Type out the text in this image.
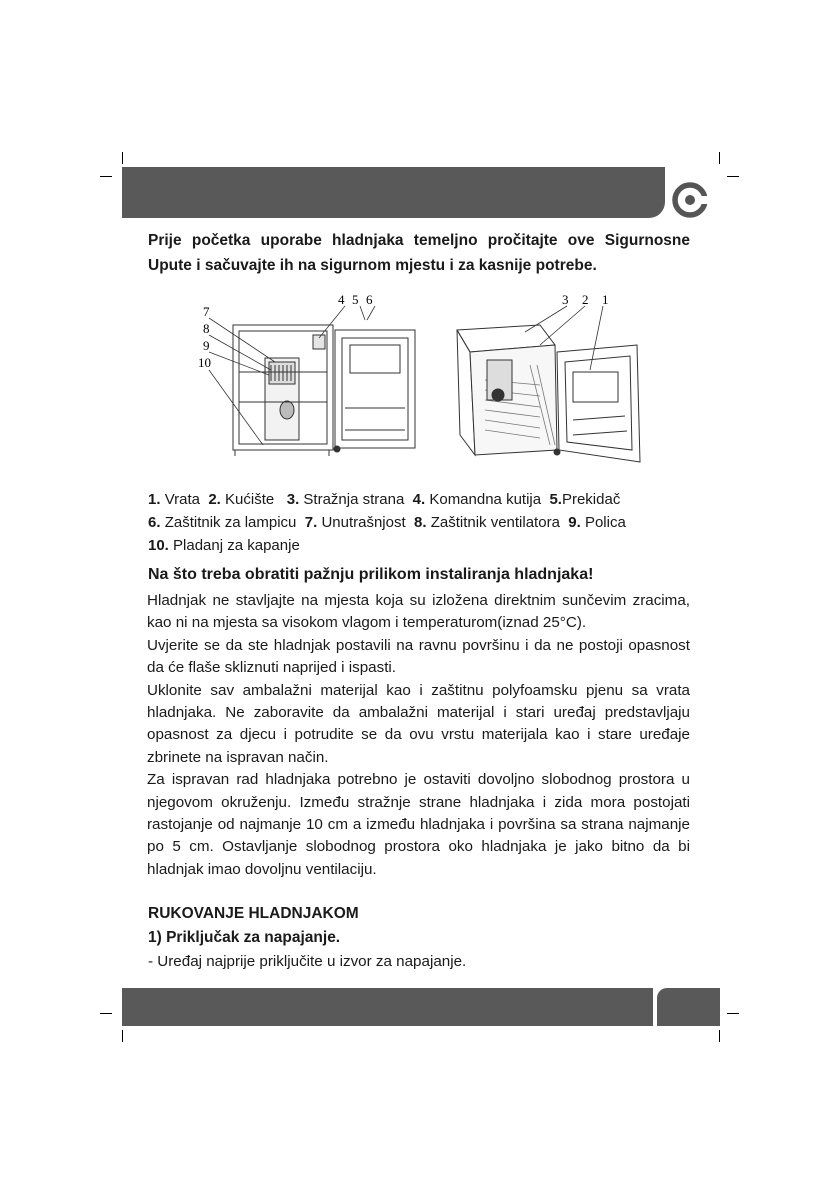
Prije početka uporabe hladnjaka temeljno pročitajte ove Sigurnosne Upute i sačuvajte ih na sigurnom mjestu i za kasnije potrebe.
7
8
9
10
4 5 6	3 2 1
1. Vrata 2. Kućište 3. Stražnja strana 4. Komandna kutija 5.Prekidač
6. Zaštitnik za lampicu 7. Unutrašnjost 8. Zaštitnik ventilatora 9. Polica
10. Pladanj za kapanje
Na što treba obratiti pažnju prilikom instaliranja hladnjaka!

Hladnjak ne stavljajte na mjesta koja su izložena direktnim sunčevim zracima, kao ni na mjesta sa visokom vlagom i temperaturom(iznad 25°C).

Uvjerite se da ste hladnjak postavili na ravnu površinu i da ne postoji opasnost da će flaše skliznuti naprijed i ispasti.

Uklonite sav ambalažni materijal kao i zaštitnu polyfoamsku pjenu sa vrata hladnjaka. Ne zaboravite da ambalažni materijal i stari uređaj predstavljaju opasnost za djecu i potrudite se da ovu vrstu materijala kao i stare uređaje zbrinete na ispravan način.

Za ispravan rad hladnjaka potrebno je ostaviti dovoljno slobodnog prostora u njegovom okruženju. Između stražnje strane hladnjaka i zida mora postojati rastojanje od najmanje 10 cm a između hladnjaka i površina sa strana najmanje po 5 cm. Ostavljanje slobodnog prostora oko hladnjaka je jako bitno da bi hladnjak imao dovoljnu ventilaciju.

RUKOVANJE HLADNJAKOM
1) Priključak za napajanje.
- Uređaj najprije priključite u izvor za napajanje.
